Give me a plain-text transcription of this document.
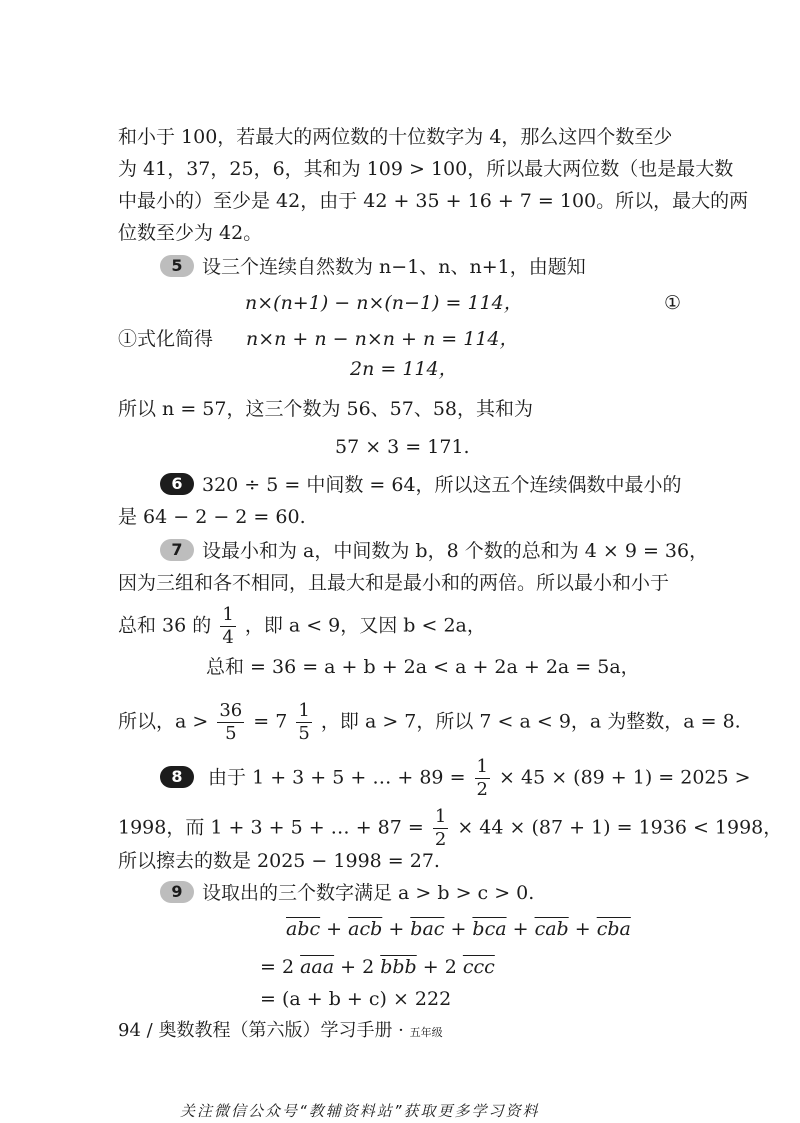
和小于 100，若最大的两位数的十位数字为 4，那么这四个数至少
为 41，37，25，6，其和为 109 > 100，所以最大两位数（也是最大数
中最小的）至少是 42，由于 42 + 35 + 16 + 7 = 100。所以，最大的两
位数至少为 42。
5 设三个连续自然数为 n−1、n、n+1，由题知
n×(n+1) − n×(n−1) = 114，	①
①式化简得 n×n + n − n×n + n = 114，
2n = 114，
所以 n = 57，这三个数为 56、57、58，其和为
57 × 3 = 171.
6 320 ÷ 5 = 中间数 = 64，所以这五个连续偶数中最小的
是 64 − 2 − 2 = 60.
7 设最小和为 a，中间数为 b，8 个数的总和为 4 × 9 = 36，
因为三组和各不相同，且最大和是最小和的两倍。所以最小和小于
总和 36 的 $\frac{1}{4}$ ，即 a < 9，又因 b < 2a，
总和 = 36 = a + b + 2a < a + 2a + 2a = 5a，
所以，$a > \frac{36}{5} = 7 \frac{1}{5}$ ，即 a > 7，所以 7 < a < 9，a 为整数，a = 8.
8 由于 1 + 3 + 5 + … + $89 = \frac{1}{2} \times 45 \times (89 + 1) = 2025$ >
1998，而 1 + 3 + 5 + … + $87 = \frac{1}{2} \times 44 \times (87 + 1) = 1936 < 1998$，
所以擦去的数是 2025 − 1998 = 27.
9 设取出的三个数字满足 a > b > c > 0.
$\overline{abc} + \overline{acb} + \overline{bac} + \overline{bca} + \overline{cab} + \overline{cba}$
= 2 $\overline{aaa} + 2$ $\overline{bbb} + 2$ $\overline{ccc}$
= (a + b + c) × 222
94 / 奥数教程（第六版）学习手册 · 五年级
关注微信公众号“教辅资料站”获取更多学习资料
